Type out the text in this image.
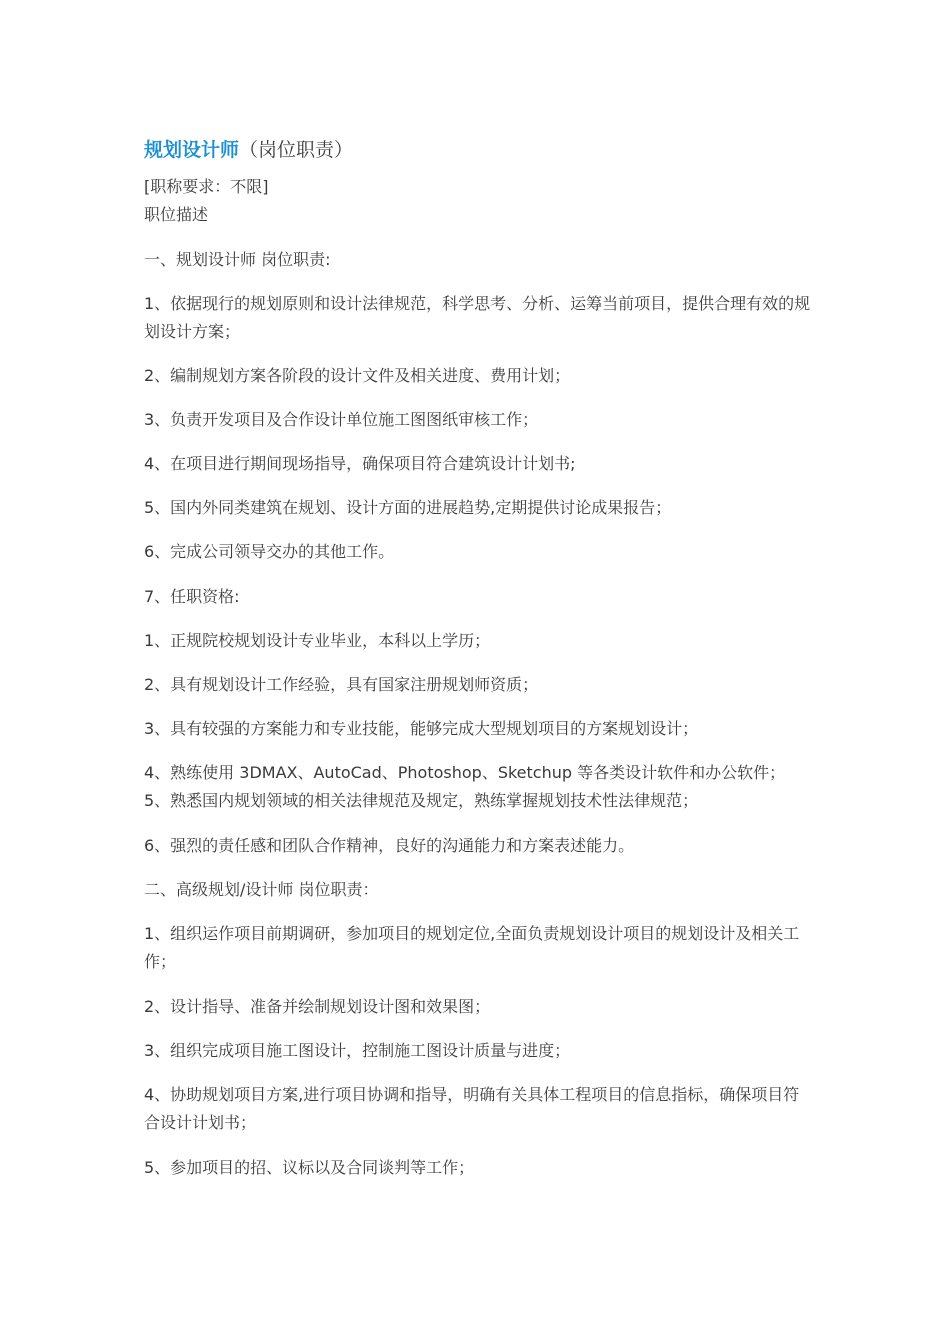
规划设计师（岗位职责）
[职称要求：不限]
职位描述
一、规划设计师 岗位职责:
1、依据现行的规划原则和设计法律规范，科学思考、分析、运筹当前项目，提供合理有效的规划设计方案；
2、编制规划方案各阶段的设计文件及相关进度、费用计划；
3、负责开发项目及合作设计单位施工图图纸审核工作；
4、在项目进行期间现场指导，确保项目符合建筑设计计划书;
5、国内外同类建筑在规划、设计方面的进展趋势,定期提供讨论成果报告；
6、完成公司领导交办的其他工作。
7、任职资格:
1、正规院校规划设计专业毕业，本科以上学历；
2、具有规划设计工作经验，具有国家注册规划师资质；
3、具有较强的方案能力和专业技能，能够完成大型规划项目的方案规划设计；
4、熟练使用 3DMAX、AutoCad、Photoshop、Sketchup 等各类设计软件和办公软件；
5、熟悉国内规划领域的相关法律规范及规定，熟练掌握规划技术性法律规范；
6、强烈的责任感和团队合作精神，良好的沟通能力和方案表述能力。
二、高级规划/设计师 岗位职责：
1、组织运作项目前期调研，参加项目的规划定位,全面负责规划设计项目的规划设计及相关工作；
2、设计指导、准备并绘制规划设计图和效果图；
3、组织完成项目施工图设计，控制施工图设计质量与进度；
4、协助规划项目方案,进行项目协调和指导，明确有关具体工程项目的信息指标，确保项目符合设计计划书；
5、参加项目的招、议标以及合同谈判等工作；
